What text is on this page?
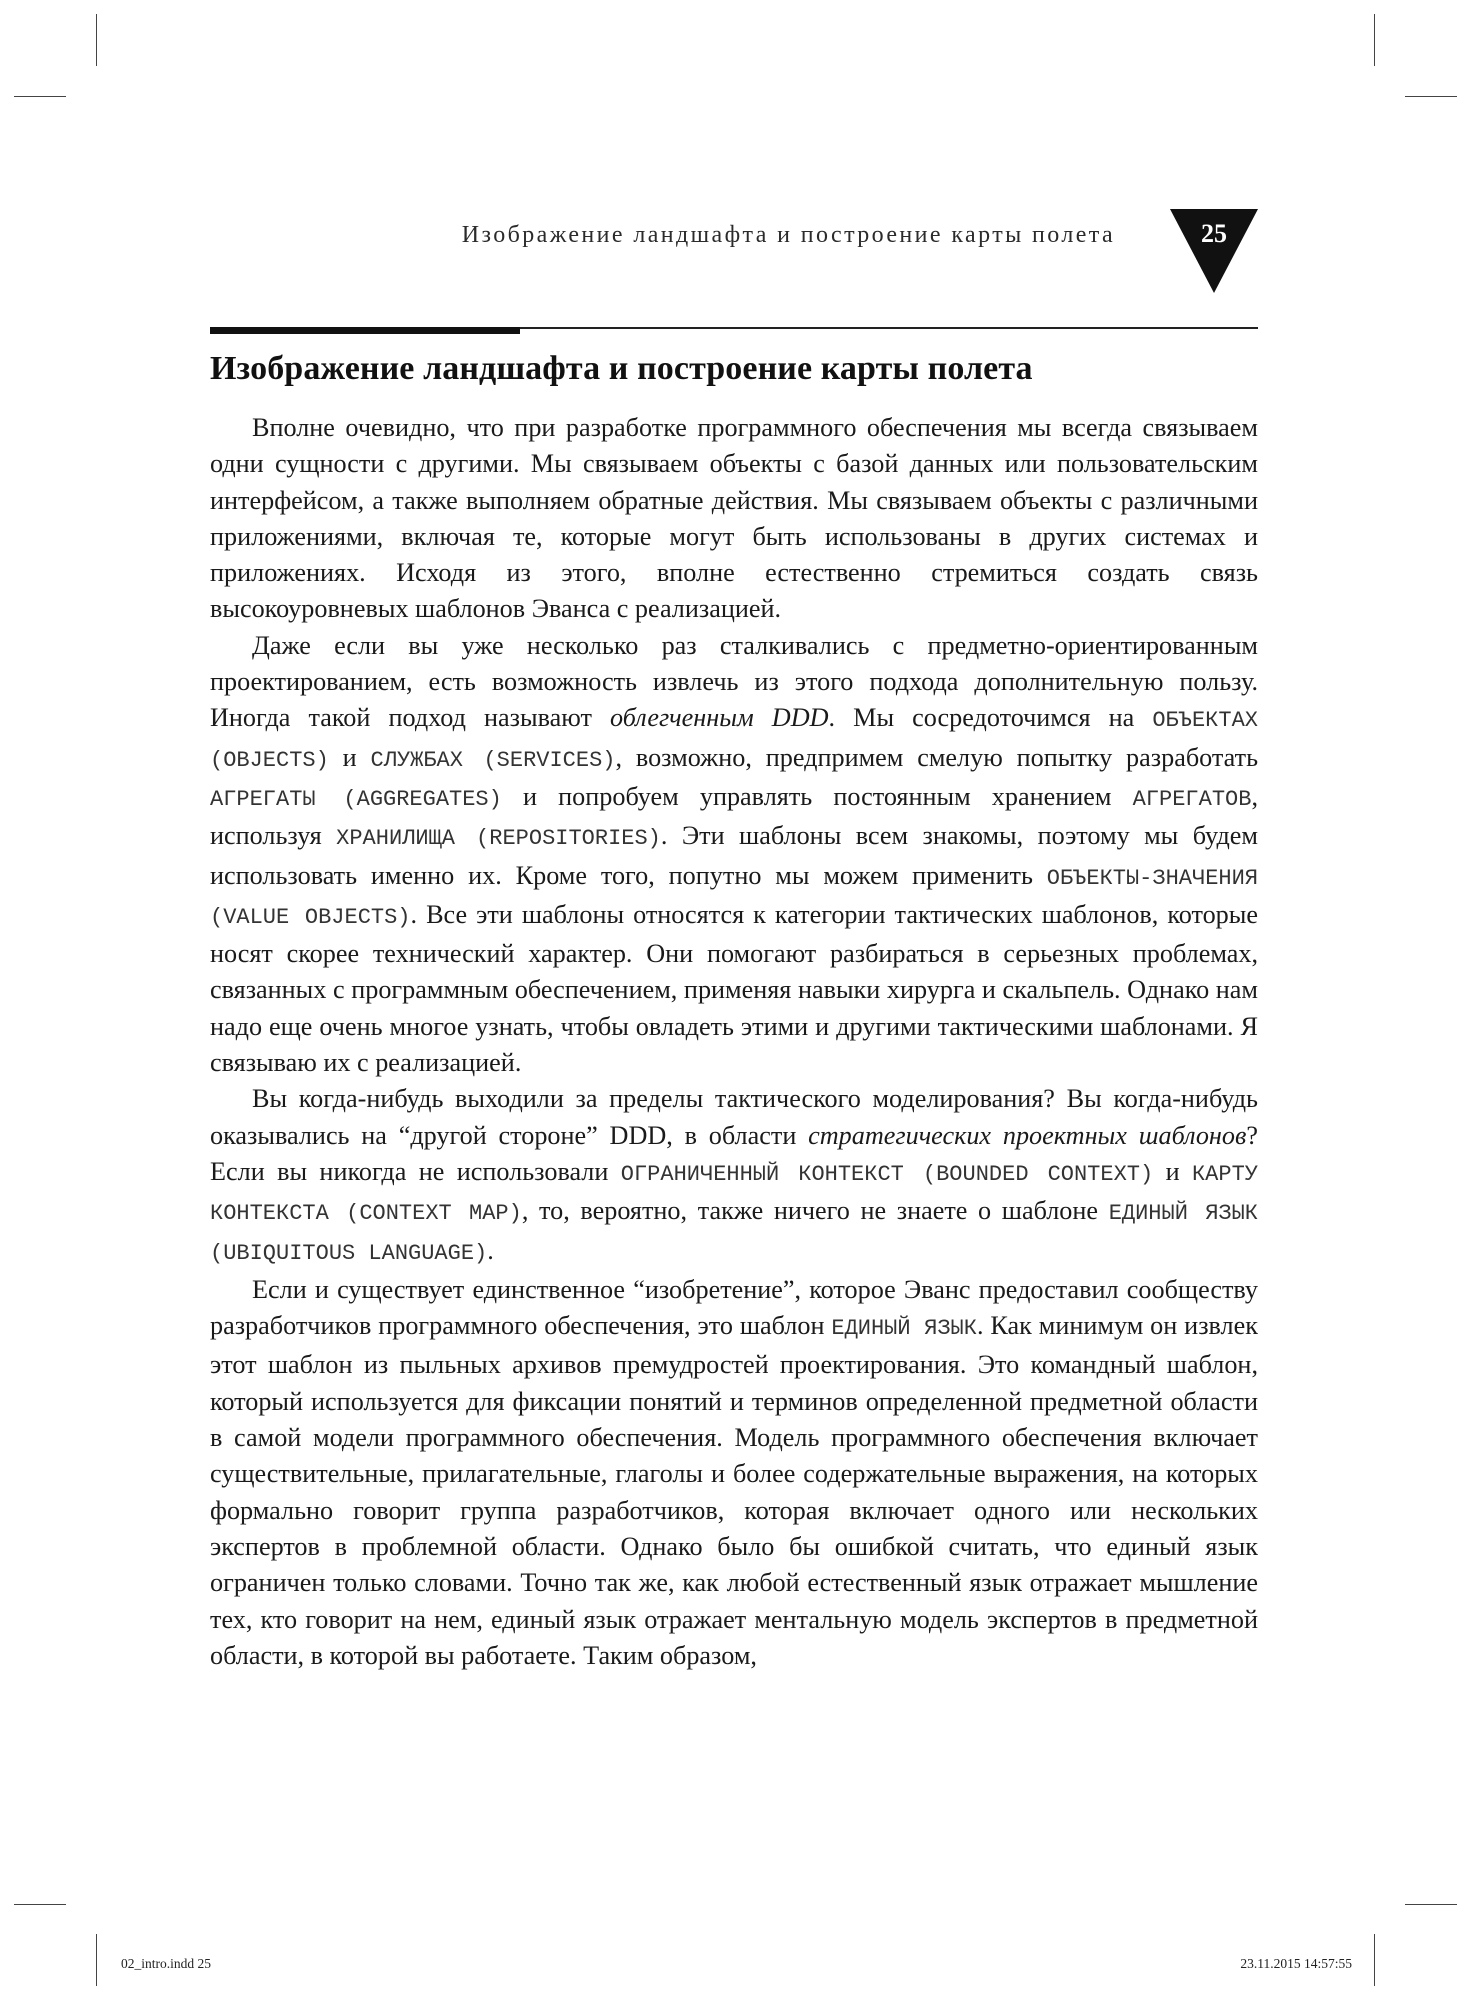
Изображение ландшафта и построение карты полета	25
Изображение ландшафта и построение карты полета

Вполне очевидно, что при разработке программного обеспечения мы всегда связываем одни сущности с другими. Мы связываем объекты с базой данных или пользовательским интерфейсом, а также выполняем обратные действия. Мы связываем объекты с различными приложениями, включая те, которые могут быть использованы в других системах и приложениях. Исходя из этого, вполне естественно стремиться создать связь высокоуровневых шаблонов Эванса с реализацией.

Даже если вы уже несколько раз сталкивались с предметно-ориентированным проектированием, есть возможность извлечь из этого подхода дополнительную пользу. Иногда такой подход называют облегченным DDD. Мы сосредоточимся на ОБЪЕКТАХ (OBJECTS) и СЛУЖБАХ (SERVICES), возможно, предпримем смелую попытку разработать АГРЕГАТЫ (AGGREGATES) и попробуем управлять постоянным хранением АГРЕГАТОВ, используя ХРАНИЛИЩА (REPOSITORIES). Эти шаблоны всем знакомы, поэтому мы будем использовать именно их. Кроме того, попутно мы можем применить ОБЪЕКТЫ-ЗНАЧЕНИЯ (VALUE OBJECTS). Все эти шаблоны относятся к категории тактических шаблонов, которые носят скорее технический характер. Они помогают разбираться в серьезных проблемах, связанных с программным обеспечением, применяя навыки хирурга и скальпель. Однако нам надо еще очень многое узнать, чтобы овладеть этими и другими тактическими шаблонами. Я связываю их с реализацией.

Вы когда-нибудь выходили за пределы тактического моделирования? Вы когда-нибудь оказывались на “другой стороне” DDD, в области стратегических проектных шаблонов? Если вы никогда не использовали ОГРАНИЧЕННЫЙ КОНТЕКСТ (BOUNDED CONTEXT) и КАРТУ КОНТЕКСТА (CONTEXT MAP), то, вероятно, также ничего не знаете о шаблоне ЕДИНЫЙ ЯЗЫК (UBIQUITOUS LANGUAGE).

Если и существует единственное “изобретение”, которое Эванс предоставил сообществу разработчиков программного обеспечения, это шаблон ЕДИНЫЙ ЯЗЫК. Как минимум он извлек этот шаблон из пыльных архивов премудростей проектирования. Это командный шаблон, который используется для фиксации понятий и терминов определенной предметной области в самой модели программного обеспечения. Модель программного обеспечения включает существительные, прилагательные, глаголы и более содержательные выражения, на которых формально говорит группа разработчиков, которая включает одного или нескольких экспертов в проблемной области. Однако было бы ошибкой считать, что единый язык ограничен только словами. Точно так же, как любой естественный язык отражает мышление тех, кто говорит на нем, единый язык отражает ментальную модель экспертов в предметной области, в которой вы работаете. Таким образом,

02_intro.indd 25	23.11.2015 14:57:55
